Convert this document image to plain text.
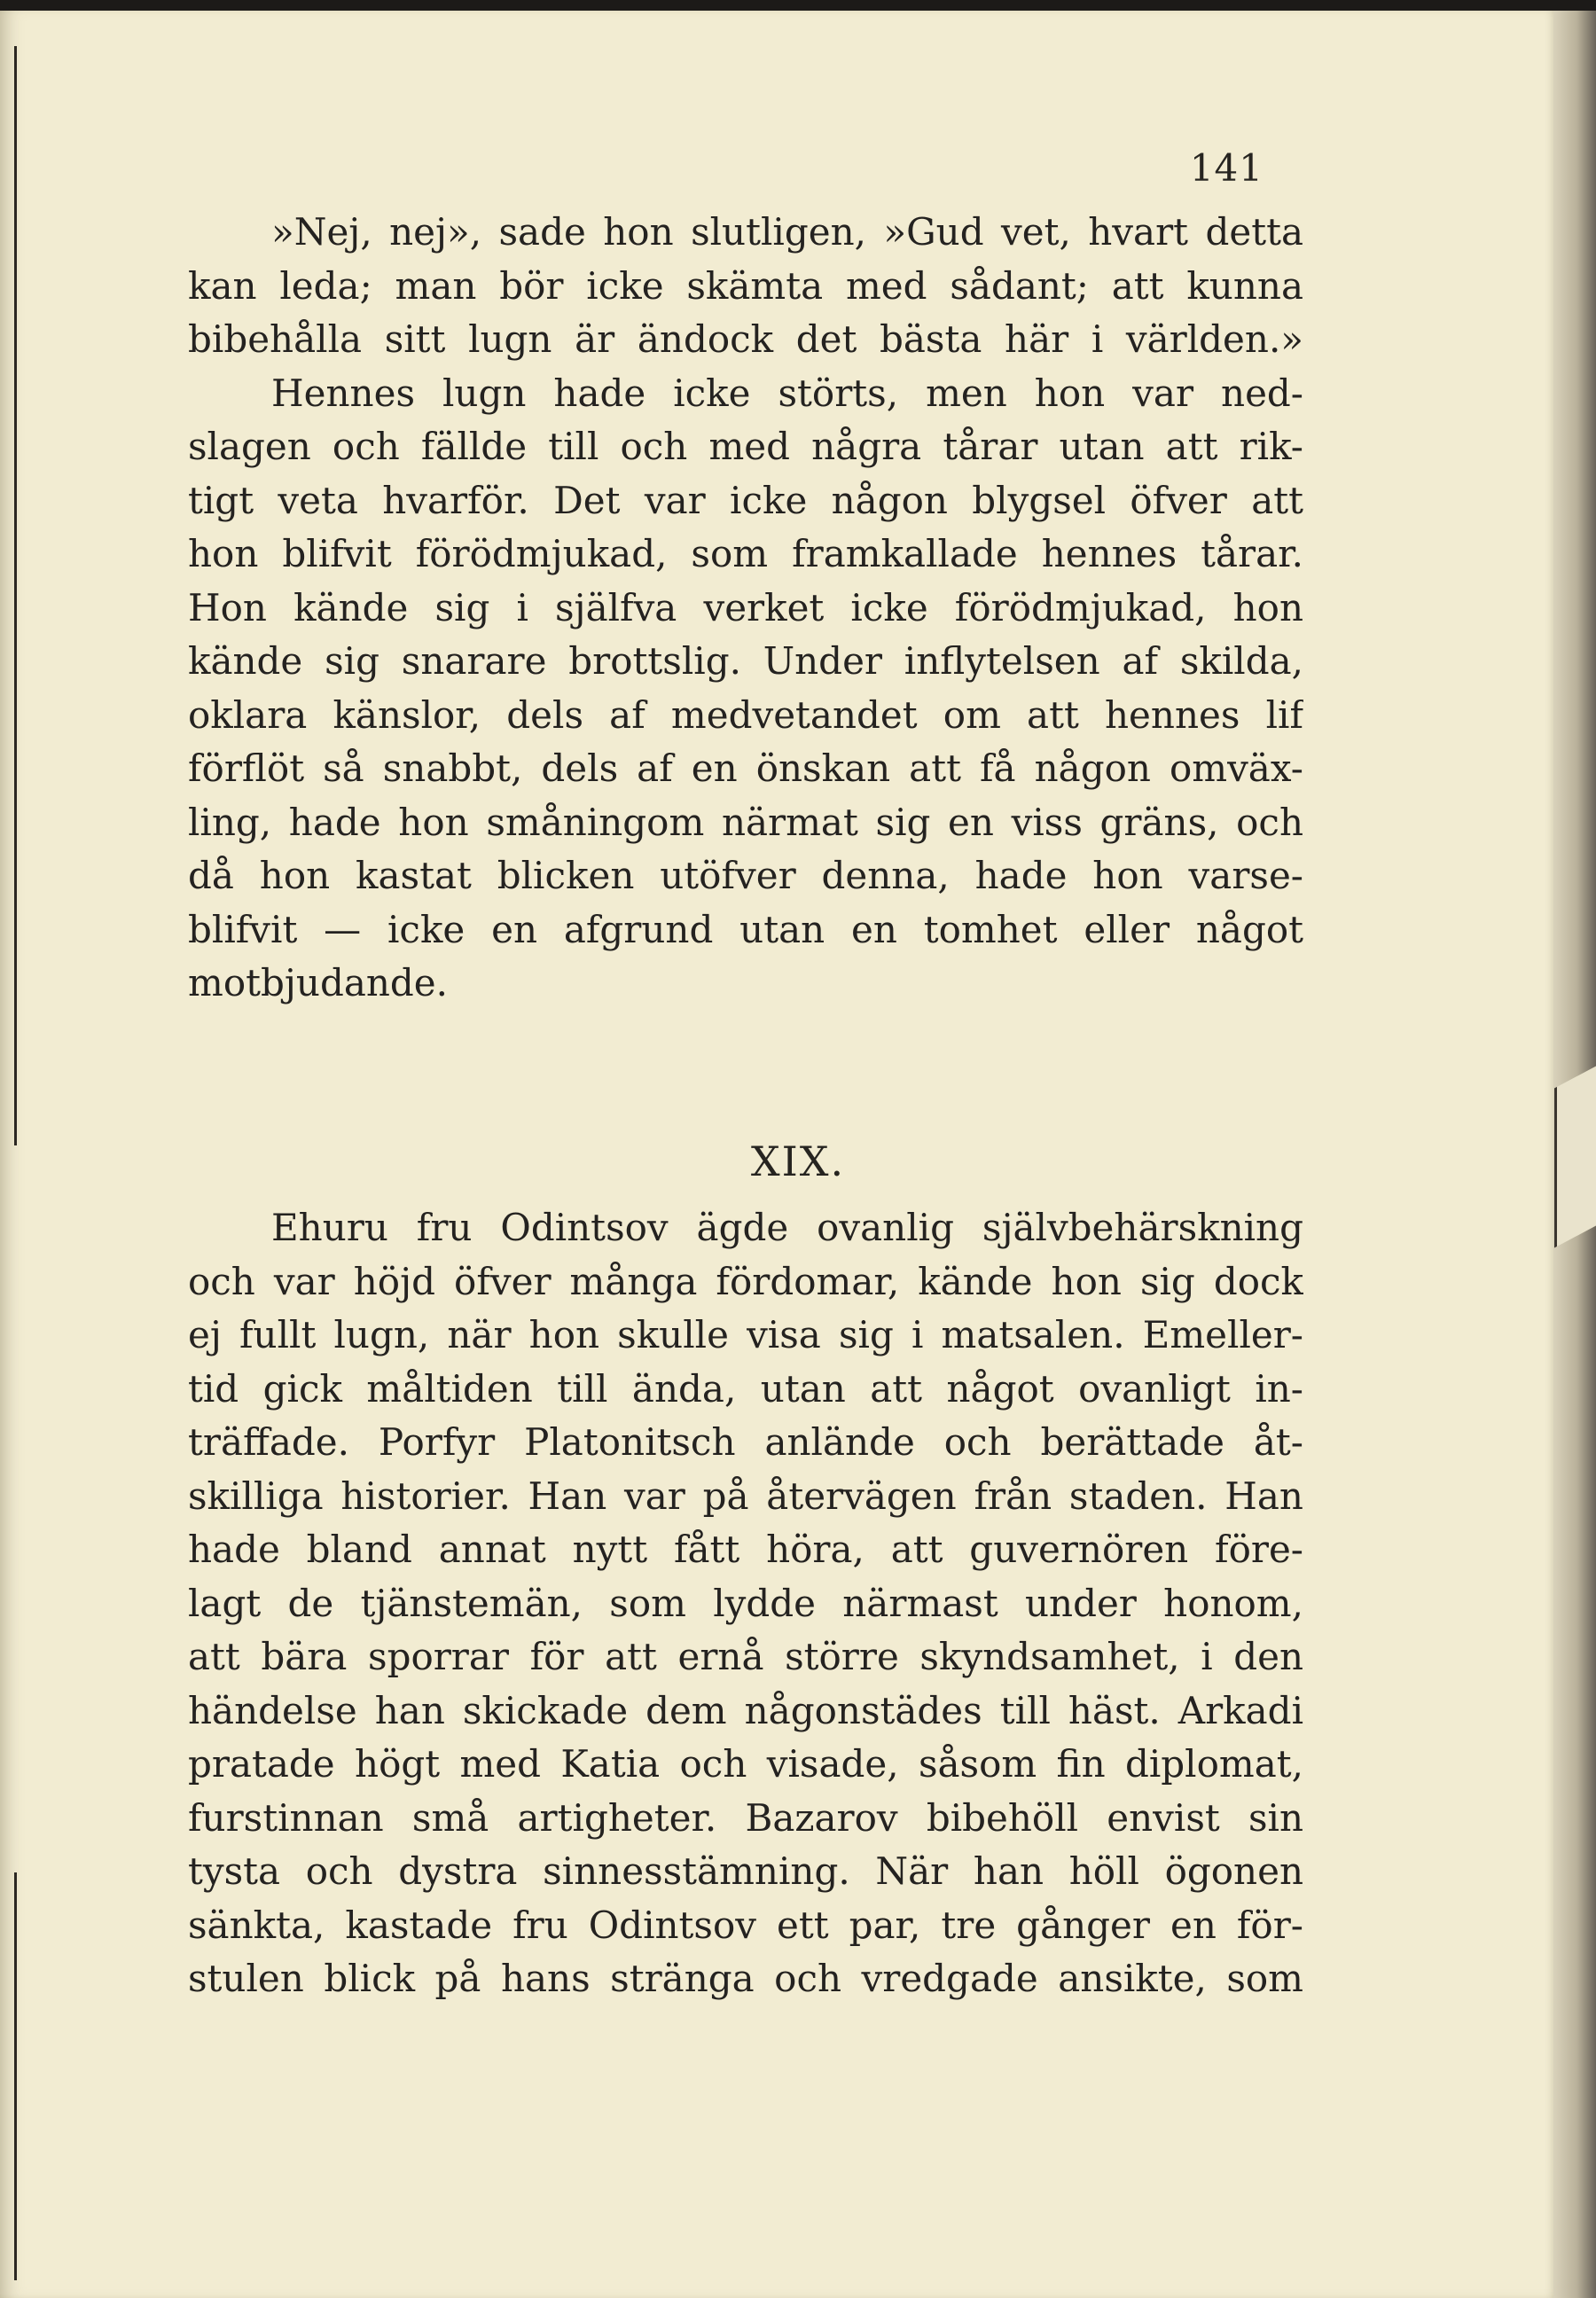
141
»Nej, nej», sade hon slutligen, »Gud vet, hvart detta
kan leda; man bör icke skämta med sådant; att kunna
bibehålla sitt lugn är ändock det bästa här i världen.»
Hennes lugn hade icke störts, men hon var ned-
slagen och fällde till och med några tårar utan att rik-
tigt veta hvarför. Det var icke någon blygsel öfver att
hon blifvit förödmjukad, som framkallade hennes tårar.
Hon kände sig i själfva verket icke förödmjukad, hon
kände sig snarare brottslig. Under inflytelsen af skilda,
oklara känslor, dels af medvetandet om att hennes lif
förflöt så snabbt, dels af en önskan att få någon omväx-
ling, hade hon småningom närmat sig en viss gräns, och
då hon kastat blicken utöfver denna, hade hon varse-
blifvit — icke en afgrund utan en tomhet eller något
motbjudande.
XIX.
Ehuru fru Odintsov ägde ovanlig självbehärskning
och var höjd öfver många fördomar, kände hon sig dock
ej fullt lugn, när hon skulle visa sig i matsalen. Emeller-
tid gick måltiden till ända, utan att något ovanligt in-
träffade. Porfyr Platonitsch anlände och berättade åt-
skilliga historier. Han var på återvägen från staden. Han
hade bland annat nytt fått höra, att guvernören före-
lagt de tjänstemän, som lydde närmast under honom,
att bära sporrar för att ernå större skyndsamhet, i den
händelse han skickade dem någonstädes till häst. Arkadi
pratade högt med Katia och visade, såsom fin diplomat,
furstinnan små artigheter. Bazarov bibehöll envist sin
tysta och dystra sinnesstämning. När han höll ögonen
sänkta, kastade fru Odintsov ett par, tre gånger en för-
stulen blick på hans stränga och vredgade ansikte, som
